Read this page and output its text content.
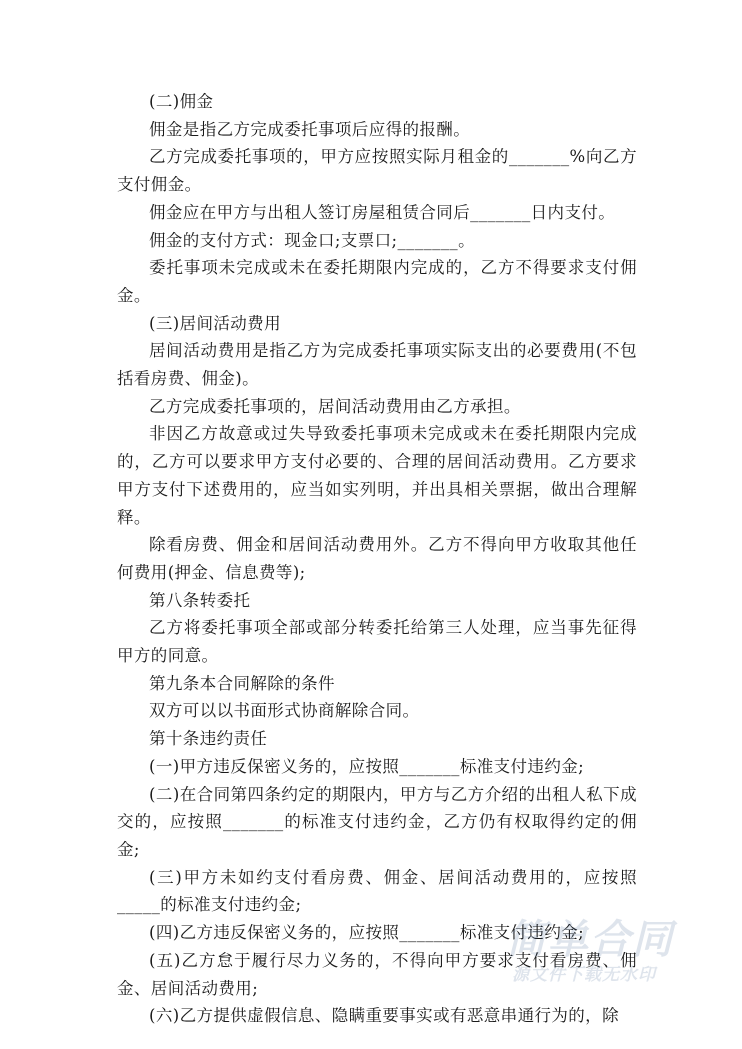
(二)佣金

佣金是指乙方完成委托事项后应得的报酬。

乙方完成委托事项的，甲方应按照实际月租金的_______%向乙方支付佣金。

佣金应在甲方与出租人签订房屋租赁合同后_______日内支付。

佣金的支付方式：现金口;支票口;_______。

委托事项未完成或未在委托期限内完成的，乙方不得要求支付佣金。

(三)居间活动费用

居间活动费用是指乙方为完成委托事项实际支出的必要费用(不包括看房费、佣金)。

乙方完成委托事项的，居间活动费用由乙方承担。

非因乙方故意或过失导致委托事项未完成或未在委托期限内完成的，乙方可以要求甲方支付必要的、合理的居间活动费用。乙方要求甲方支付下述费用的，应当如实列明，并出具相关票据，做出合理解释。

除看房费、佣金和居间活动费用外。乙方不得向甲方收取其他任何费用(押金、信息费等);

第八条转委托

乙方将委托事项全部或部分转委托给第三人处理，应当事先征得甲方的同意。

第九条本合同解除的条件

双方可以以书面形式协商解除合同。

第十条违约责任

(一)甲方违反保密义务的，应按照_______标准支付违约金;

(二)在合同第四条约定的期限内，甲方与乙方介绍的出租人私下成交的，应按照_______的标准支付违约金，乙方仍有权取得约定的佣金;

(三)甲方未如约支付看房费、佣金、居间活动费用的，应按照_____的标准支付违约金;

(四)乙方违反保密义务的，应按照_______标准支付违约金;

(五)乙方怠于履行尽力义务的，不得向甲方要求支付看房费、佣金、居间活动费用;

(六)乙方提供虚假信息、隐瞒重要事实或有恶意串通行为的，除

简单合同
源文件下载无水印
